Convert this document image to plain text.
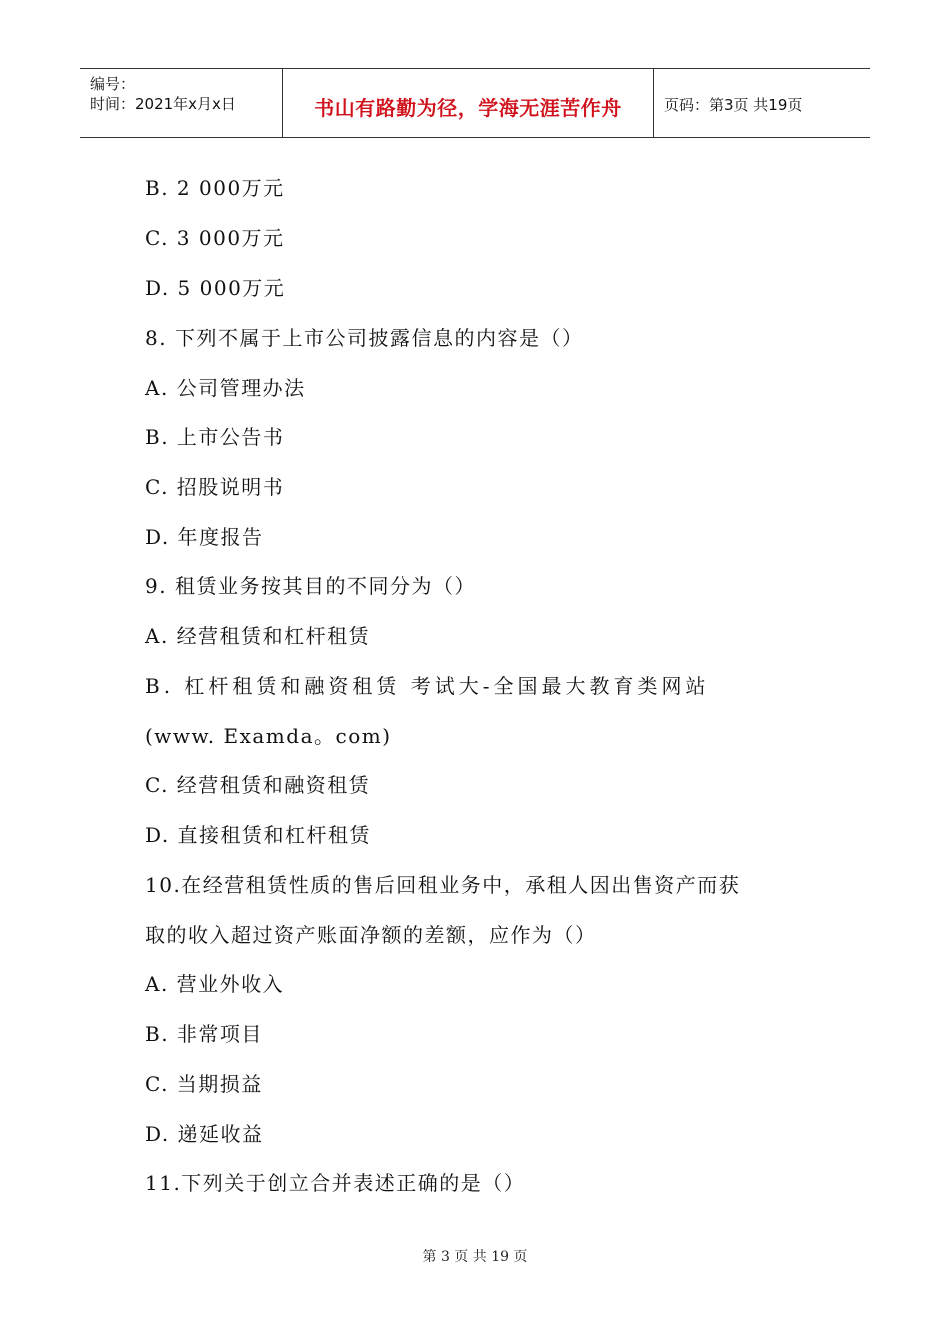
编号：
时间：2021年x月x日	书山有路勤为径，学海无涯苦作舟	页码：第3页 共19页
B. 2 000万元
C. 3 000万元
D. 5 000万元
8. 下列不属于上市公司披露信息的内容是（）
A. 公司管理办法
B. 上市公告书
C. 招股说明书
D. 年度报告
9. 租赁业务按其目的不同分为（）
A. 经营租赁和杠杆租赁
B. 杠杆租赁和融资租赁 考试大-全国最大教育类网站
(www. Examda。com)
C. 经营租赁和融资租赁
D. 直接租赁和杠杆租赁
10.在经营租赁性质的售后回租业务中，承租人因出售资产而获
取的收入超过资产账面净额的差额，应作为（）
A. 营业外收入
B. 非常项目
C. 当期损益
D. 递延收益
11.下列关于创立合并表述正确的是（）
第 3 页 共 19 页
